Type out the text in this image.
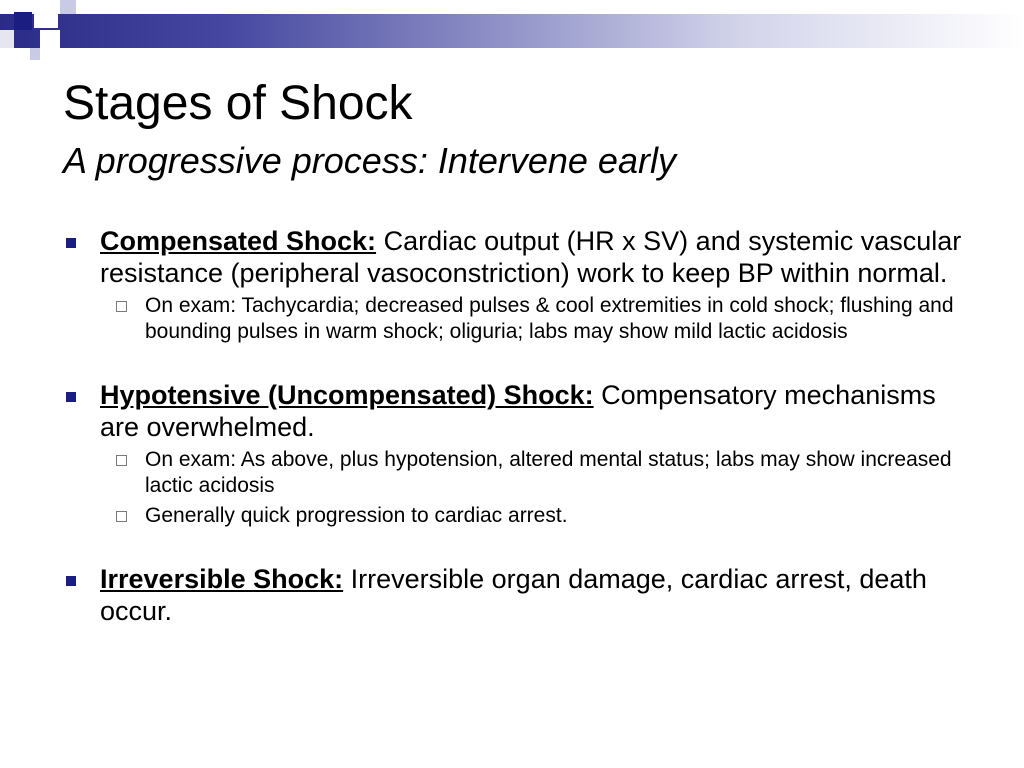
Stages of Shock
A progressive process: Intervene early
Compensated Shock: Cardiac output (HR x SV) and systemic vascular resistance (peripheral vasoconstriction) work to keep BP within normal.
On exam: Tachycardia; decreased pulses & cool extremities in cold shock; flushing and bounding pulses in warm shock; oliguria; labs may show mild lactic acidosis
Hypotensive (Uncompensated) Shock: Compensatory mechanisms are overwhelmed.
On exam: As above, plus hypotension, altered mental status; labs may show increased lactic acidosis
Generally quick progression to cardiac arrest.
Irreversible Shock: Irreversible organ damage, cardiac arrest, death occur.
